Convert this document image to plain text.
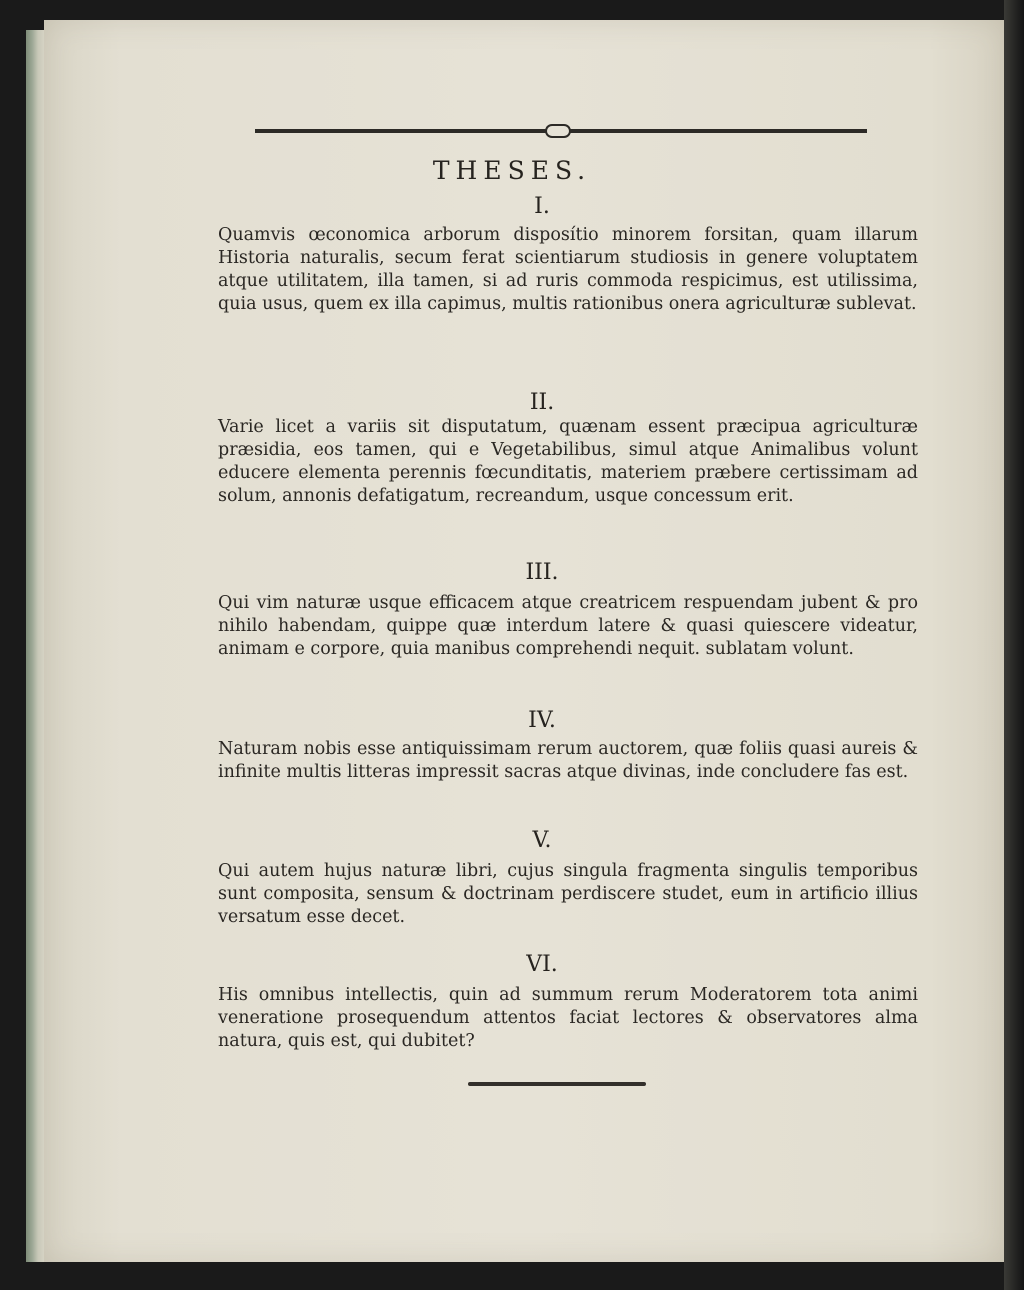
THESES.
I.

Quamvis œconomica arborum disposítio minorem forsitan, quam illarum Historia naturalis, secum ferat scientiarum studiosis in genere voluptatem atque utilitatem, illa tamen, si ad ruris commoda respicimus, est utilissima, quia usus, quem ex illa capimus, multis rationibus onera agriculturæ sublevat.

II.

Varie licet a variis sit disputatum, quænam essent præcipua agriculturæ præsidia, eos tamen, qui e Vegetabilibus, simul atque Animalibus volunt educere elementa perennis fœcunditatis, materiem præbere certissimam ad solum, annonis defatigatum, recreandum, usque concessum erit.

III.

Qui vim naturæ usque efficacem atque creatricem respuendam jubent & pro nihilo habendam, quippe quæ interdum latere & quasi quiescere videatur, animam e corpore, quia manibus comprehendi nequit. sublatam volunt.

IV.

Naturam nobis esse antiquissimam rerum auctorem, quæ foliis quasi aureis & infinite multis litteras impressit sacras atque divinas, inde concludere fas est.

V.

Qui autem hujus naturæ libri, cujus singula fragmenta singulis temporibus sunt composita, sensum & doctrinam perdiscere studet, eum in artificio illius versatum esse decet.

VI.

His omnibus intellectis, quin ad summum rerum Moderatorem tota animi veneratione prosequendum attentos faciat lectores & observatores alma natura, quis est, qui dubitet?
